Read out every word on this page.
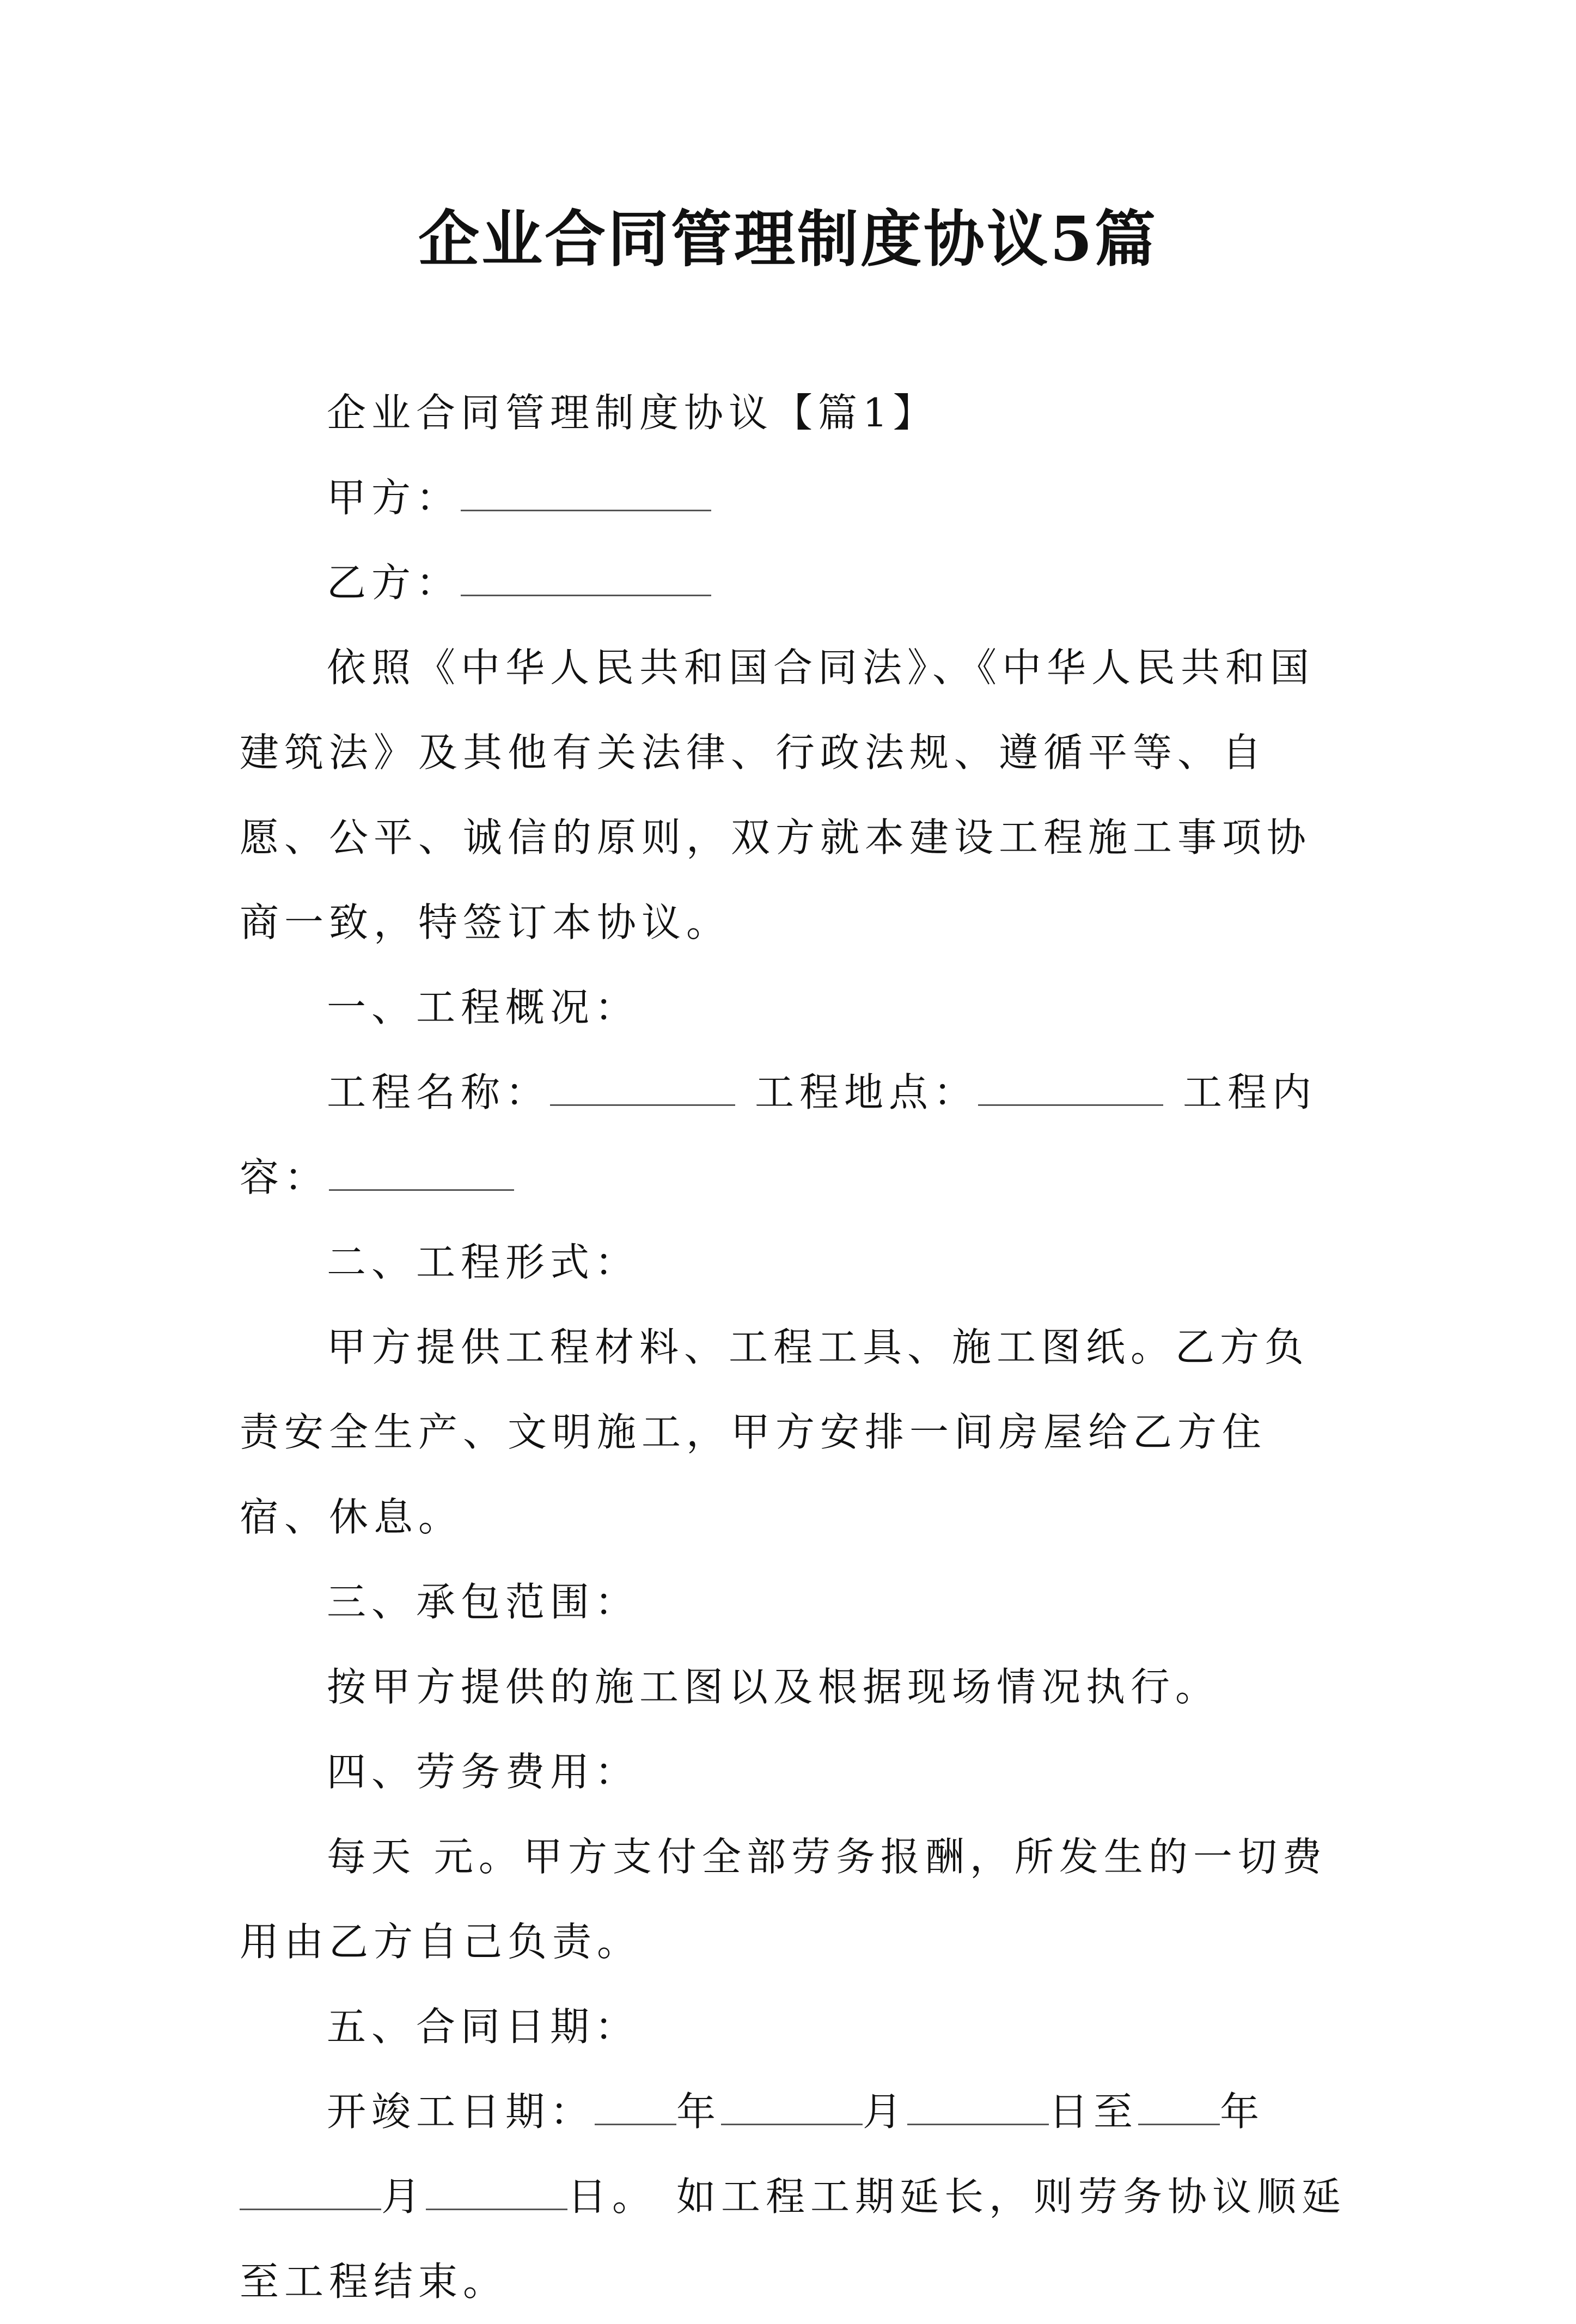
企业合同管理制度协议5篇

企业合同管理制度协议【篇1】

甲方：

乙方：

依照《中华人民共和国合同法》、《中华人民共和国建筑法》及其他有关法律、行政法规、遵循平等、自愿、公平、诚信的原则，双方就本建设工程施工事项协商一致，特签订本协议。

一、工程概况：

工程名称：	工程地点：	工程内容：

二、工程形式：

甲方提供工程材料、工程工具、施工图纸。乙方负责安全生产、文明施工，甲方安排一间房屋给乙方住宿、休息。

三、承包范围：

按甲方提供的施工图以及根据现场情况执行。

四、劳务费用：

每天 元。甲方支付全部劳务报酬，所发生的一切费用由乙方自己负责。

五、合同日期：

开竣工日期： 年	月	日至 年月	日。 如工程工期延长，则劳务协议顺延至工程结束。
